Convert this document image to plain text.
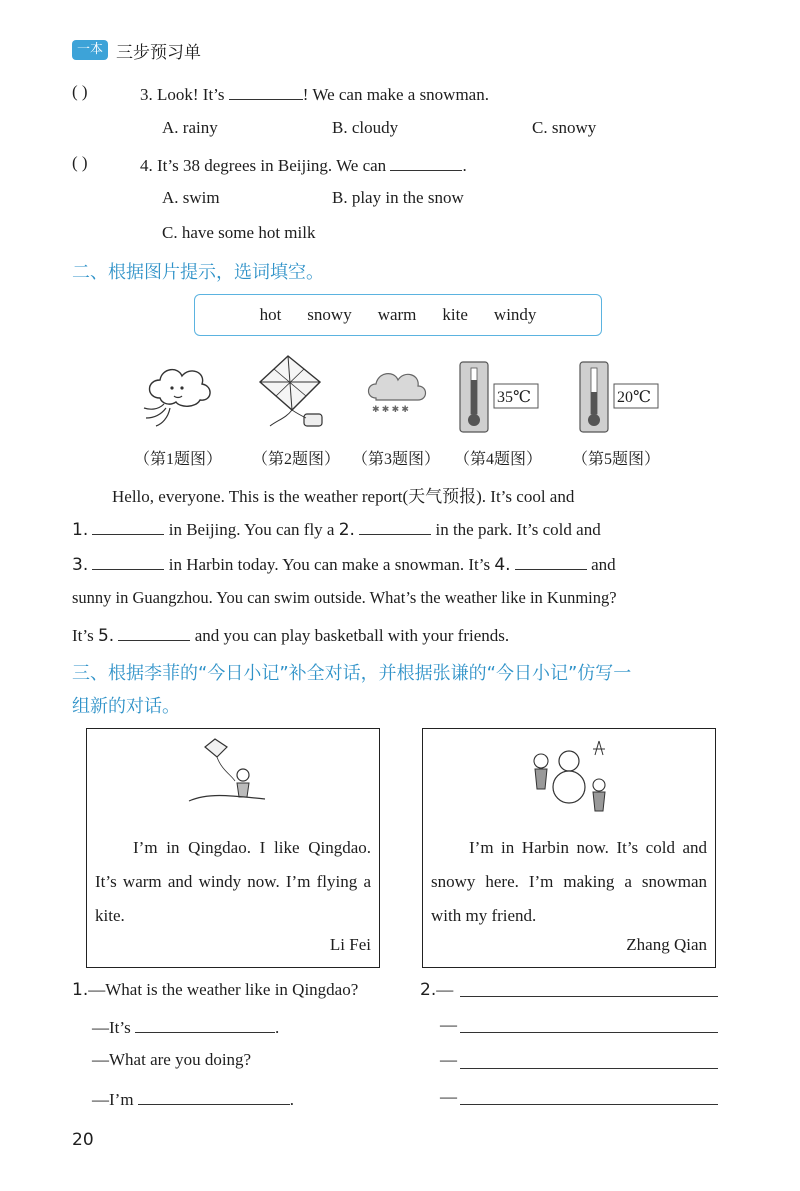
一本 三步预习单
( )	3. Look! It’s	! We can make a snowman.
A. rainy	B. cloudy	C. snowy
( )	4. It’s 38 degrees in Beijing. We can	.
A. swim	B. play in the snow
C. have some hot milk
二、根据图片提示，选词填空。
hot snowy warm kite windy
✱ ✱ ✱ ✱
35℃	20℃
（第1题图）	（第2题图） （第3题图） （第4题图）	（第5题图）
Hello, everyone. This is the weather report(天气预报). It’s cool and
1.	in Beijing. You can fly a 2.	in the park. It’s cold and
3.	in Harbin today. You can make a snowman. It’s 4.	and
sunny in Guangzhou. You can swim outside. What’s the weather like in Kunming?
It’s 5.	and you can play basketball with your friends.
三、根据李菲的“今日小记”补全对话，并根据张谦的“今日小记”仿写一
组新的对话。
I’m in Qingdao. I like Qingdao. It’s warm and windy now. I’m flying a kite.
Li Fei
I’m in Harbin now. It’s cold and snowy here. I’m making a snowman with my friend.
Zhang Qian
1.—What is the weather like in Qingdao?
—It’s	.
—What are you doing?
—I’m	.
2.—
—
—
—
20
